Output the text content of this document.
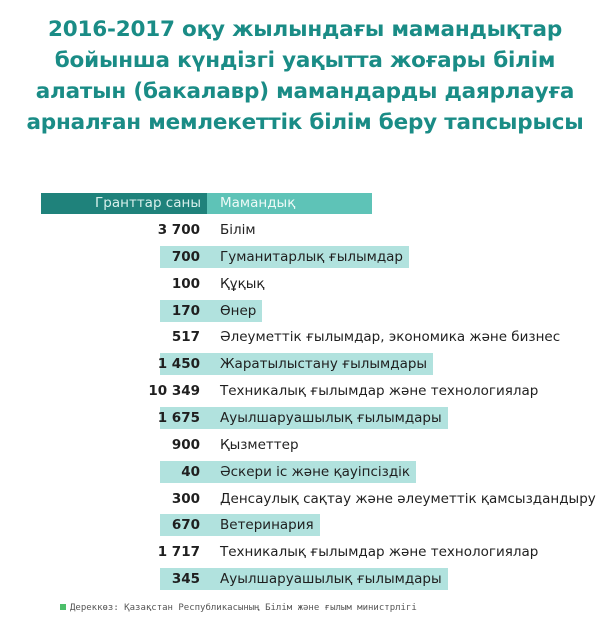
2016-2017 оқу жылындағы мамандықтар
бойынша күндізгі уақытта жоғары білім
алатын (бакалавр) мамандарды даярлауға
арналған мемлекеттік білім беру тапсырысы
Гранттар саны	Мамандық
3 700 Білім
700 Гуманитарлық ғылымдар
100 Құқық
170 Өнер
517 Әлеуметтік ғылымдар, экономика және бизнес
1 450 Жаратылыстану ғылымдары
10 349 Техникалық ғылымдар және технологиялар
1 675 Ауылшаруашылық ғылымдары
900 Қызметтер
40 Әскери іс және қауіпсіздік
300 Денсаулық сақтау және әлеуметтік қамсыздандыру
670 Ветеринария
1 717 Техникалық ғылымдар және технологиялар
345 Ауылшаруашылық ғылымдары
Дереккөз: Қазақстан Республикасының Білім және ғылым министрлігі
